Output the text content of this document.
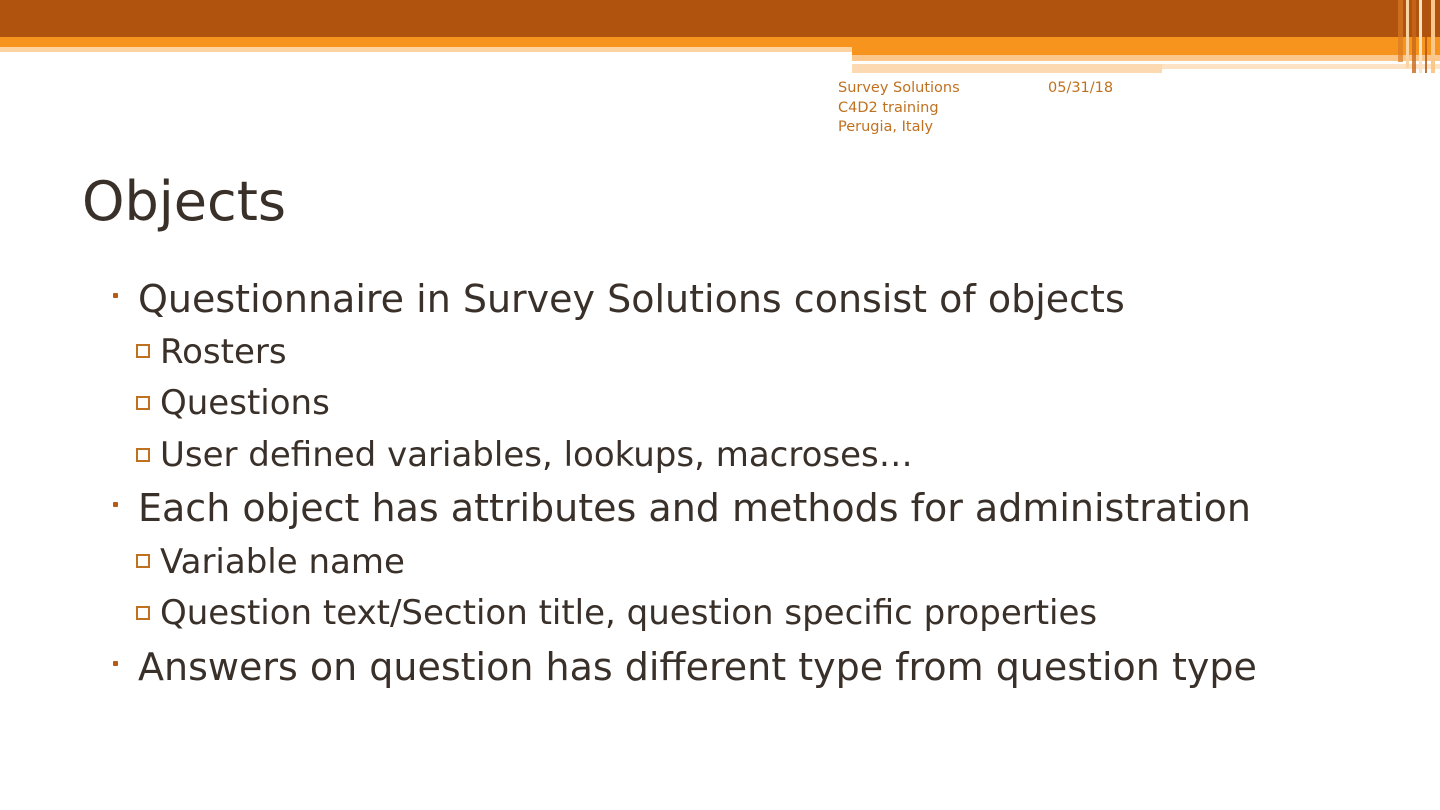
Survey Solutions
C4D2 training
Perugia, Italy
05/31/18
Objects
Questionnaire in Survey Solutions consist of objects
Rosters
Questions
User defined variables, lookups, macroses…
Each object has attributes and methods for administration
Variable name
Question text/Section title, question specific properties
Answers on question has different type from question type
